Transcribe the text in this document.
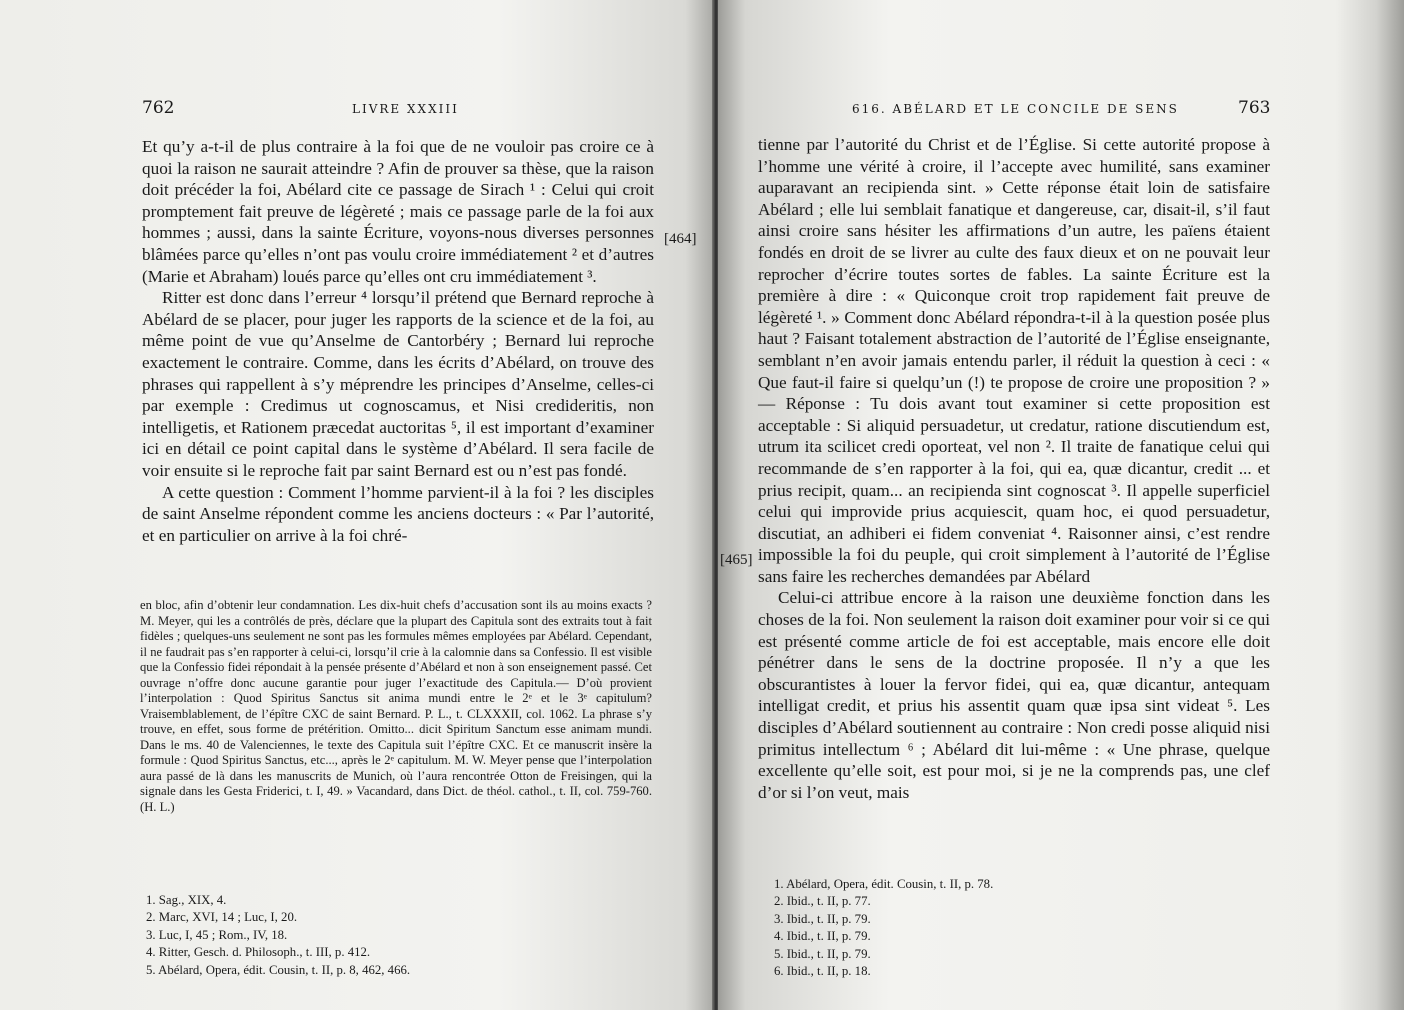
762	LIVRE XXXIII

Et qu’y a-t-il de plus contraire à la foi que de ne vouloir pas croire ce à quoi la raison ne saurait atteindre ? Afin de prouver sa thèse, que la raison doit précéder la foi, Abélard cite ce passage de Sirach ¹ : Celui qui croit promptement fait preuve de légèreté ; mais ce passage parle de la foi aux hommes ; aussi, dans la sainte Écriture, voyons-nous diverses personnes blâmées parce qu’elles n’ont pas voulu croire immédiatement ² et d’autres (Marie et Abraham) loués parce qu’elles ont cru immédiatement ³.

Ritter est donc dans l’erreur ⁴ lorsqu’il prétend que Bernard reproche à Abélard de se placer, pour juger les rapports de la science et de la foi, au même point de vue qu’Anselme de Cantorbéry ; Bernard lui reproche exactement le contraire. Comme, dans les écrits d’Abélard, on trouve des phrases qui rappellent à s’y méprendre les principes d’Anselme, celles-ci par exemple : Credimus ut cognoscamus, et Nisi credideritis, non intelligetis, et Rationem præcedat auctoritas ⁵, il est important d’examiner ici en détail ce point capital dans le système d’Abélard. Il sera facile de voir ensuite si le reproche fait par saint Bernard est ou n’est pas fondé.

A cette question : Comment l’homme parvient-il à la foi ? les disciples de saint Anselme répondent comme les anciens docteurs : « Par l’autorité, et en particulier on arrive à la foi chré-

en bloc, afin d’obtenir leur condamnation. Les dix-huit chefs d’accusation sont ils au moins exacts ? M. Meyer, qui les a contrôlés de près, déclare que la plupart des Capitula sont des extraits tout à fait fidèles ; quelques-uns seulement ne sont pas les formules mêmes employées par Abélard. Cependant, il ne faudrait pas s’en rapporter à celui-ci, lorsqu’il crie à la calomnie dans sa Confessio. Il est visible que la Confessio fidei répondait à la pensée présente d’Abélard et non à son enseignement passé. Cet ouvrage n’offre donc aucune garantie pour juger l’exactitude des Capitula.— D’où provient l’interpolation : Quod Spiritus Sanctus sit anima mundi entre le 2ᵉ et le 3ᵉ capitulum? Vraisemblablement, de l’épître CXC de saint Bernard. P. L., t. CLXXXII, col. 1062. La phrase s’y trouve, en effet, sous forme de prétérition. Omitto... dicit Spiritum Sanctum esse animam mundi. Dans le ms. 40 de Valenciennes, le texte des Capitula suit l’épître CXC. Et ce manuscrit insère la formule : Quod Spiritus Sanctus, etc..., après le 2ᵉ capitulum. M. W. Meyer pense que l’interpolation aura passé de là dans les manuscrits de Munich, où l’aura rencontrée Otton de Freisingen, qui la signale dans les Gesta Friderici, t. I, 49. » Vacandard, dans Dict. de théol. cathol., t. II, col. 759-760. (H. L.)

1. Sag., XIX, 4.
2. Marc, XVI, 14 ; Luc, I, 20.
3. Luc, I, 45 ; Rom., IV, 18.
4. Ritter, Gesch. d. Philosoph., t. III, p. 412.
5. Abélard, Opera, édit. Cousin, t. II, p. 8, 462, 466.
[464]
616. ABÉLARD ET LE CONCILE DE SENS	763
[465]

tienne par l’autorité du Christ et de l’Église. Si cette autorité propose à l’homme une vérité à croire, il l’accepte avec humilité, sans examiner auparavant an recipienda sint. » Cette réponse était loin de satisfaire Abélard ; elle lui semblait fanatique et dangereuse, car, disait-il, s’il faut ainsi croire sans hésiter les affirmations d’un autre, les païens étaient fondés en droit de se livrer au culte des faux dieux et on ne pouvait leur reprocher d’écrire toutes sortes de fables. La sainte Écriture est la première à dire : « Quiconque croit trop rapidement fait preuve de légèreté ¹. » Comment donc Abélard répondra-t-il à la question posée plus haut ? Faisant totalement abstraction de l’autorité de l’Église enseignante, semblant n’en avoir jamais entendu parler, il réduit la question à ceci : « Que faut-il faire si quelqu’un (!) te propose de croire une proposition ? » — Réponse : Tu dois avant tout examiner si cette proposition est acceptable : Si aliquid persuadetur, ut credatur, ratione discutiendum est, utrum ita scilicet credi oporteat, vel non ². Il traite de fanatique celui qui recommande de s’en rapporter à la foi, qui ea, quæ dicantur, credit ... et prius recipit, quam... an recipienda sint cognoscat ³. Il appelle superficiel celui qui improvide prius acquiescit, quam hoc, ei quod persuadetur, discutiat, an adhiberi ei fidem conveniat ⁴. Raisonner ainsi, c’est rendre impossible la foi du peuple, qui croit simplement à l’autorité de l’Église sans faire les recherches demandées par Abélard

Celui-ci attribue encore à la raison une deuxième fonction dans les choses de la foi. Non seulement la raison doit examiner pour voir si ce qui est présenté comme article de foi est acceptable, mais encore elle doit pénétrer dans le sens de la doctrine proposée. Il n’y a que les obscurantistes à louer la fervor fidei, qui ea, quæ dicantur, antequam intelligat credit, et prius his assentit quam quæ ipsa sint videat ⁵. Les disciples d’Abélard soutiennent au contraire : Non credi posse aliquid nisi primitus intellectum ⁶ ; Abélard dit lui-même : « Une phrase, quelque excellente qu’elle soit, est pour moi, si je ne la comprends pas, une clef d’or si l’on veut, mais

1. Abélard, Opera, édit. Cousin, t. II, p. 78.
2. Ibid., t. II, p. 77.
3. Ibid., t. II, p. 79.
4. Ibid., t. II, p. 79.
5. Ibid., t. II, p. 79.
6. Ibid., t. II, p. 18.
